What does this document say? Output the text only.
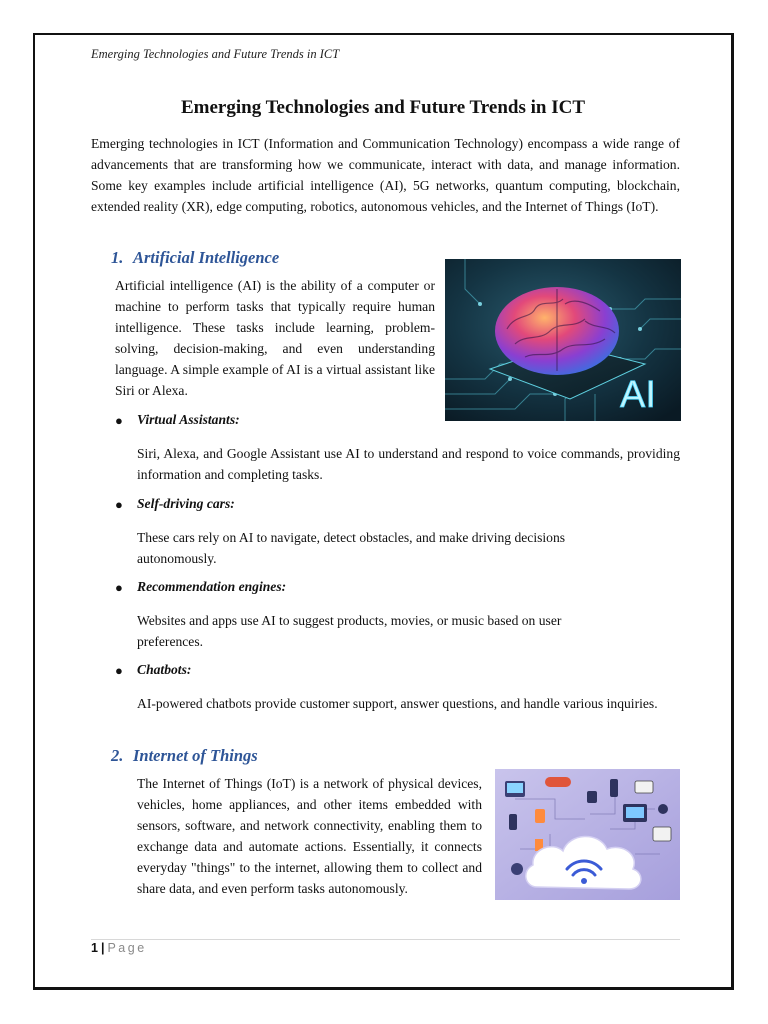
Emerging Technologies and Future Trends in ICT
Emerging Technologies and Future Trends in ICT

Emerging technologies in ICT (Information and Communication Technology) encompass a wide range of advancements that are transforming how we communicate, interact with data, and manage information. Some key examples include artificial intelligence (AI), 5G networks, quantum computing, blockchain, extended reality (XR), edge computing, robotics, autonomous vehicles, and the Internet of Things (IoT).

1. Artificial Intelligence

Artificial intelligence (AI) is the ability of a computer or machine to perform tasks that typically require human intelligence. These tasks include learning, problem-solving, decision-making, and even understanding language. A simple example of AI is a virtual assistant like Siri or Alexa.	AI
● Virtual Assistants:

Siri, Alexa, and Google Assistant use AI to understand and respond to voice commands, providing information and completing tasks.

● Self-driving cars:

These cars rely on AI to navigate, detect obstacles, and make driving decisions autonomously.

● Recommendation engines:

Websites and apps use AI to suggest products, movies, or music based on user preferences.

● Chatbots:

AI-powered chatbots provide customer support, answer questions, and handle various inquiries.

2. Internet of Things

The Internet of Things (IoT) is a network of physical devices, vehicles, home appliances, and other items embedded with sensors, software, and network connectivity, enabling them to exchange data and automate actions. Essentially, it connects everyday "things" to the internet, allowing them to collect and share data, and even perform tasks autonomously.

1 | Page
